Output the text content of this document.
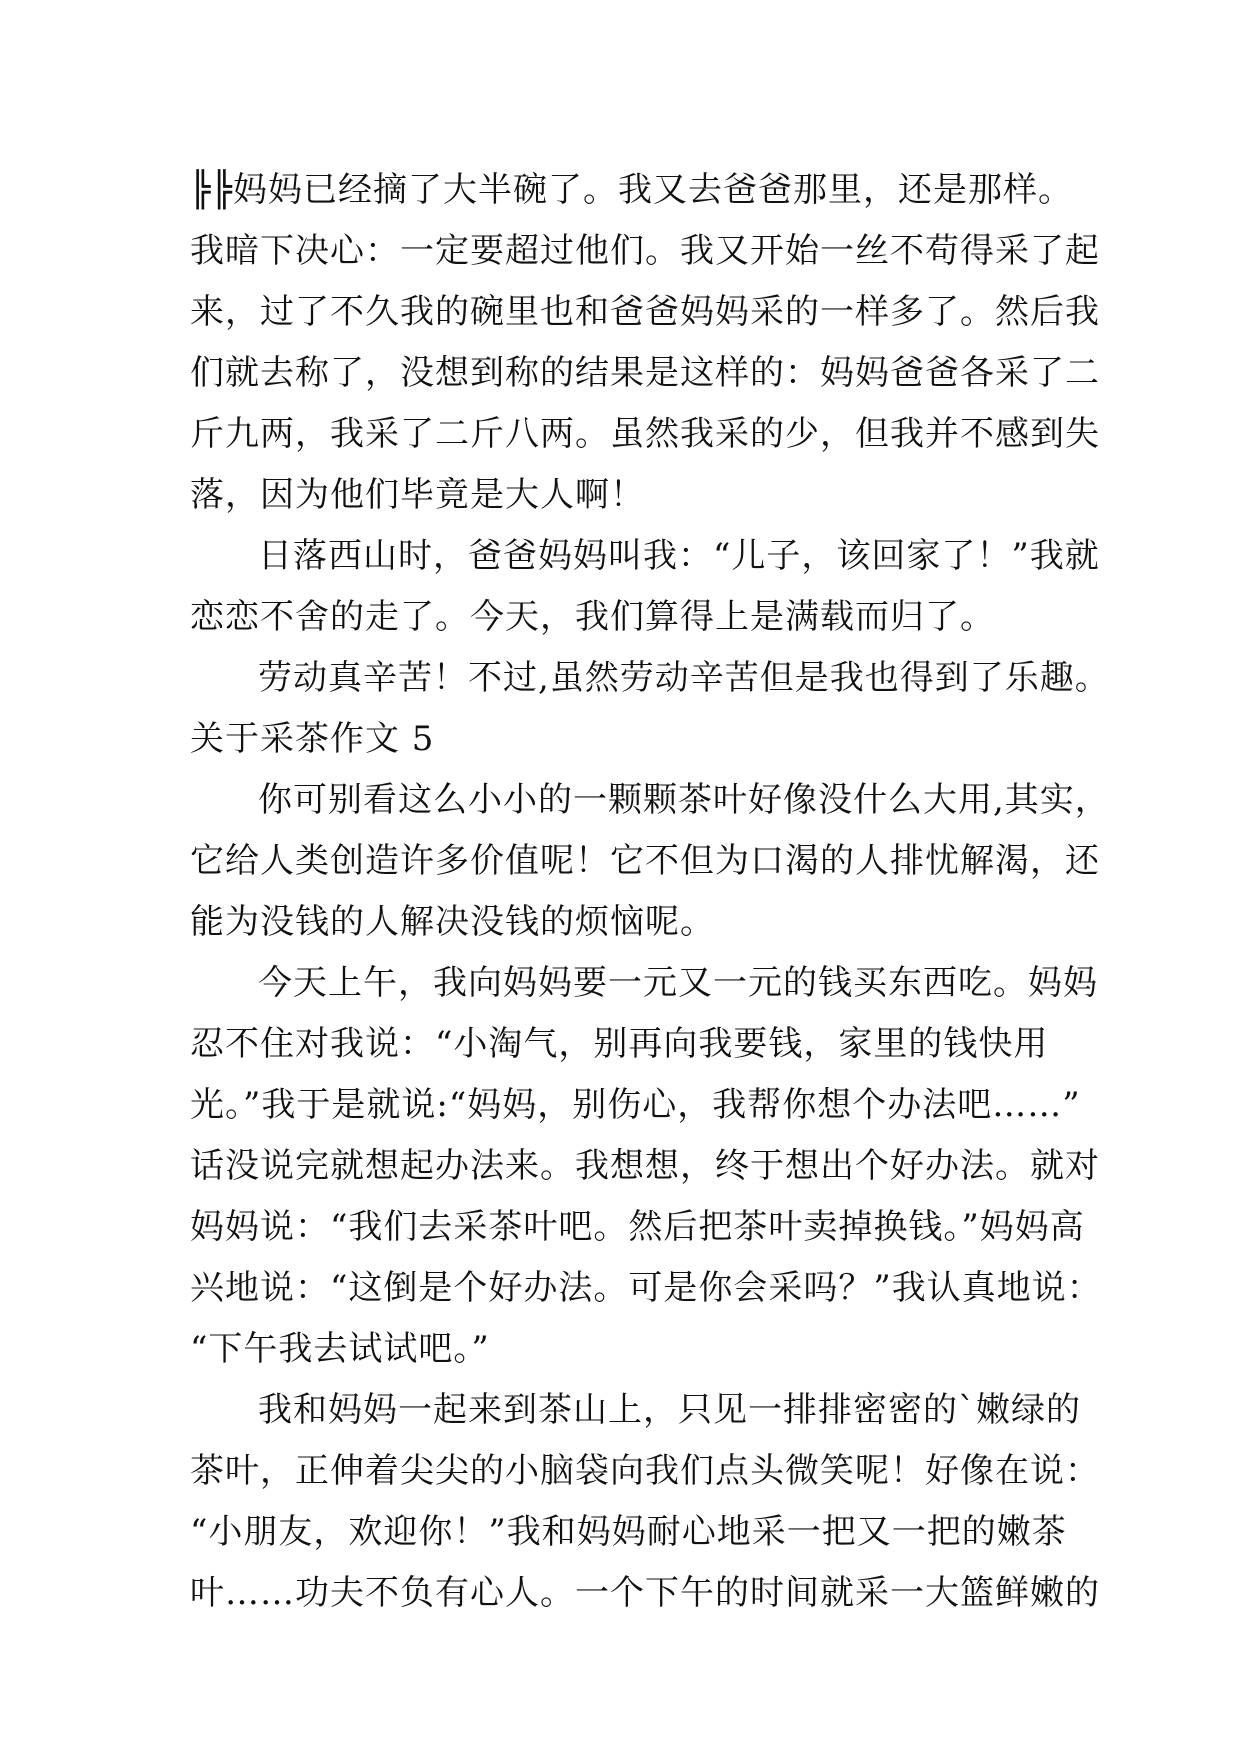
╠╠妈妈已经摘了大半碗了。我又去爸爸那里，还是那样。
我暗下决心：一定要超过他们。我又开始一丝不苟得采了起
来，过了不久我的碗里也和爸爸妈妈采的一样多了。然后我
们就去称了，没想到称的结果是这样的：妈妈爸爸各采了二
斤九两，我采了二斤八两。虽然我采的少，但我并不感到失
落，因为他们毕竟是大人啊！
日落西山时，爸爸妈妈叫我：“儿子，该回家了！”我就
恋恋不舍的走了。今天，我们算得上是满载而归了。
劳动真辛苦！不过,虽然劳动辛苦但是我也得到了乐趣。
关于采茶作文 5
你可别看这么小小的一颗颗茶叶好像没什么大用,其实，
它给人类创造许多价值呢！它不但为口渴的人排忧解渴，还
能为没钱的人解决没钱的烦恼呢。
今天上午，我向妈妈要一元又一元的钱买东西吃。妈妈
忍不住对我说：“小淘气，别再向我要钱，家里的钱快用
光。”我于是就说:“妈妈，别伤心，我帮你想个办法吧……”
话没说完就想起办法来。我想想，终于想出个好办法。就对
妈妈说：“我们去采茶叶吧。然后把茶叶卖掉换钱。”妈妈高
兴地说：“这倒是个好办法。可是你会采吗？”我认真地说：
“下午我去试试吧。”
我和妈妈一起来到茶山上，只见一排排密密的`嫩绿的
茶叶，正伸着尖尖的小脑袋向我们点头微笑呢！好像在说：
“小朋友，欢迎你！”我和妈妈耐心地采一把又一把的嫩茶
叶……功夫不负有心人。一个下午的时间就采一大篮鲜嫩的
